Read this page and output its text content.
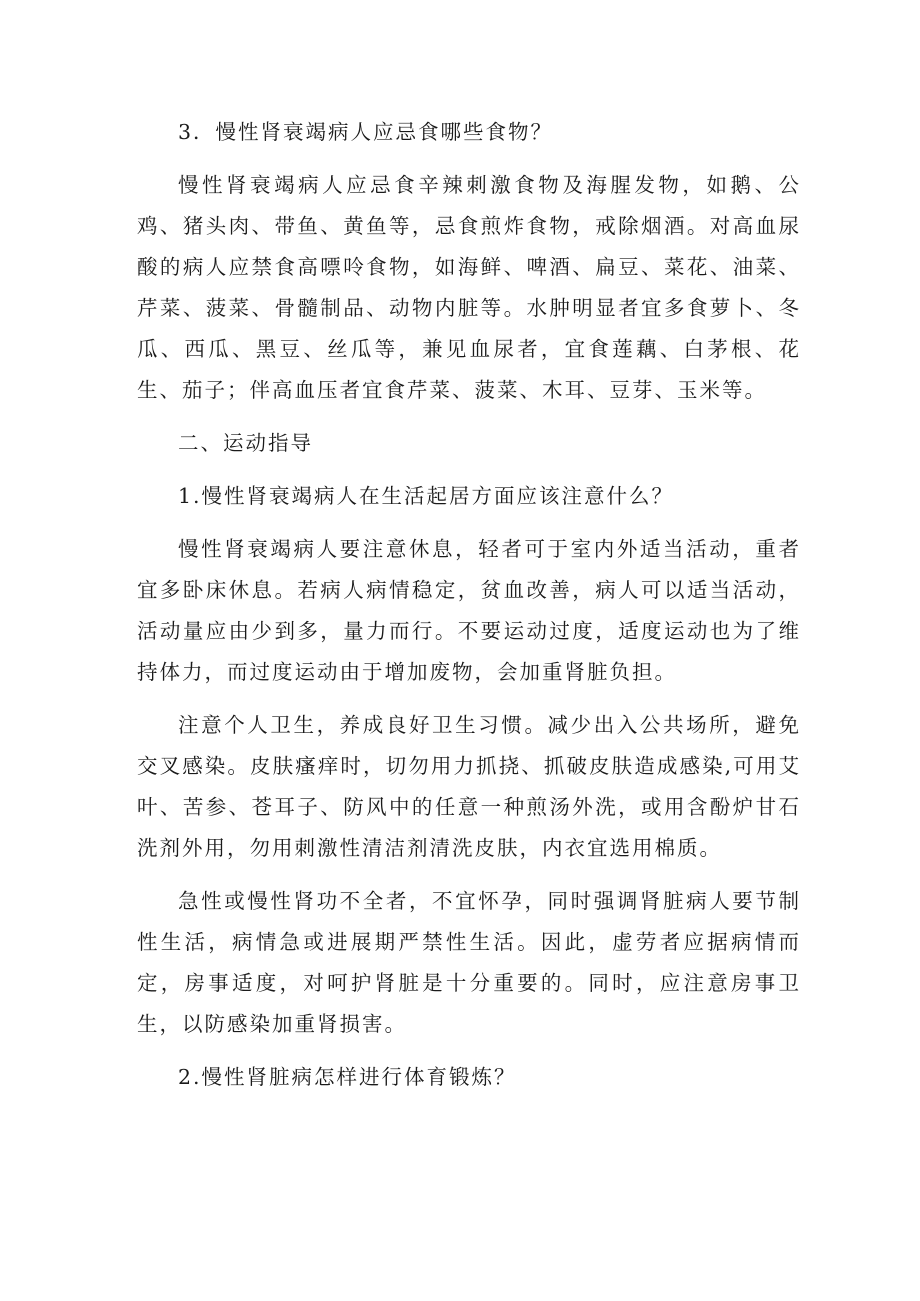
3．慢性肾衰竭病人应忌食哪些食物？

慢性肾衰竭病人应忌食辛辣刺激食物及海腥发物，如鹅、公鸡、猪头肉、带鱼、黄鱼等，忌食煎炸食物，戒除烟酒。对高血尿酸的病人应禁食高嘌呤食物，如海鲜、啤酒、扁豆、菜花、油菜、芹菜、菠菜、骨髓制品、动物内脏等。水肿明显者宜多食萝卜、冬瓜、西瓜、黑豆、丝瓜等，兼见血尿者，宜食莲藕、白茅根、花生、茄子；伴高血压者宜食芹菜、菠菜、木耳、豆芽、玉米等。

二、运动指导

1.慢性肾衰竭病人在生活起居方面应该注意什么？

慢性肾衰竭病人要注意休息，轻者可于室内外适当活动，重者宜多卧床休息。若病人病情稳定，贫血改善，病人可以适当活动，活动量应由少到多，量力而行。不要运动过度，适度运动也为了维持体力，而过度运动由于增加废物，会加重肾脏负担。

注意个人卫生，养成良好卫生习惯。减少出入公共场所，避免交叉感染。皮肤瘙痒时，切勿用力抓挠、抓破皮肤造成感染,可用艾叶、苦参、苍耳子、防风中的任意一种煎汤外洗，或用含酚炉甘石洗剂外用，勿用刺激性清洁剂清洗皮肤，内衣宜选用棉质。

急性或慢性肾功不全者，不宜怀孕，同时强调肾脏病人要节制性生活，病情急或进展期严禁性生活。因此，虚劳者应据病情而定，房事适度，对呵护肾脏是十分重要的。同时，应注意房事卫生，以防感染加重肾损害。

2.慢性肾脏病怎样进行体育锻炼？
